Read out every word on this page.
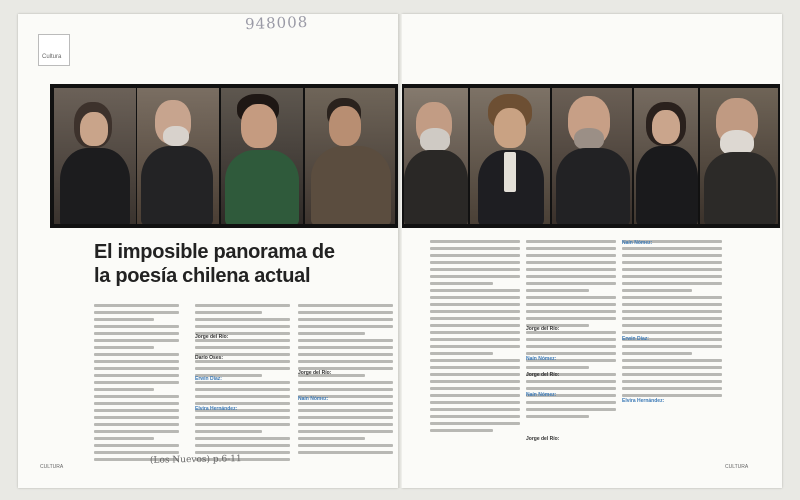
948008
Cultura
El imposible panorama de
la poesía chilena actual
Jorge del Río:
Darío Oses:
Erwin Díaz:
Elvira Hernández:
Jorge del Río:
Naín Nómez:
Jorge del Río:
Naín Nómez:
Jorge del Río:
Naín Nómez:
Jorge del Río:
Naín Nómez:
Erwin Díaz:
Elvira Hernández:
CULTURA	CULTURA
(Los Nuevos) p.6-11
